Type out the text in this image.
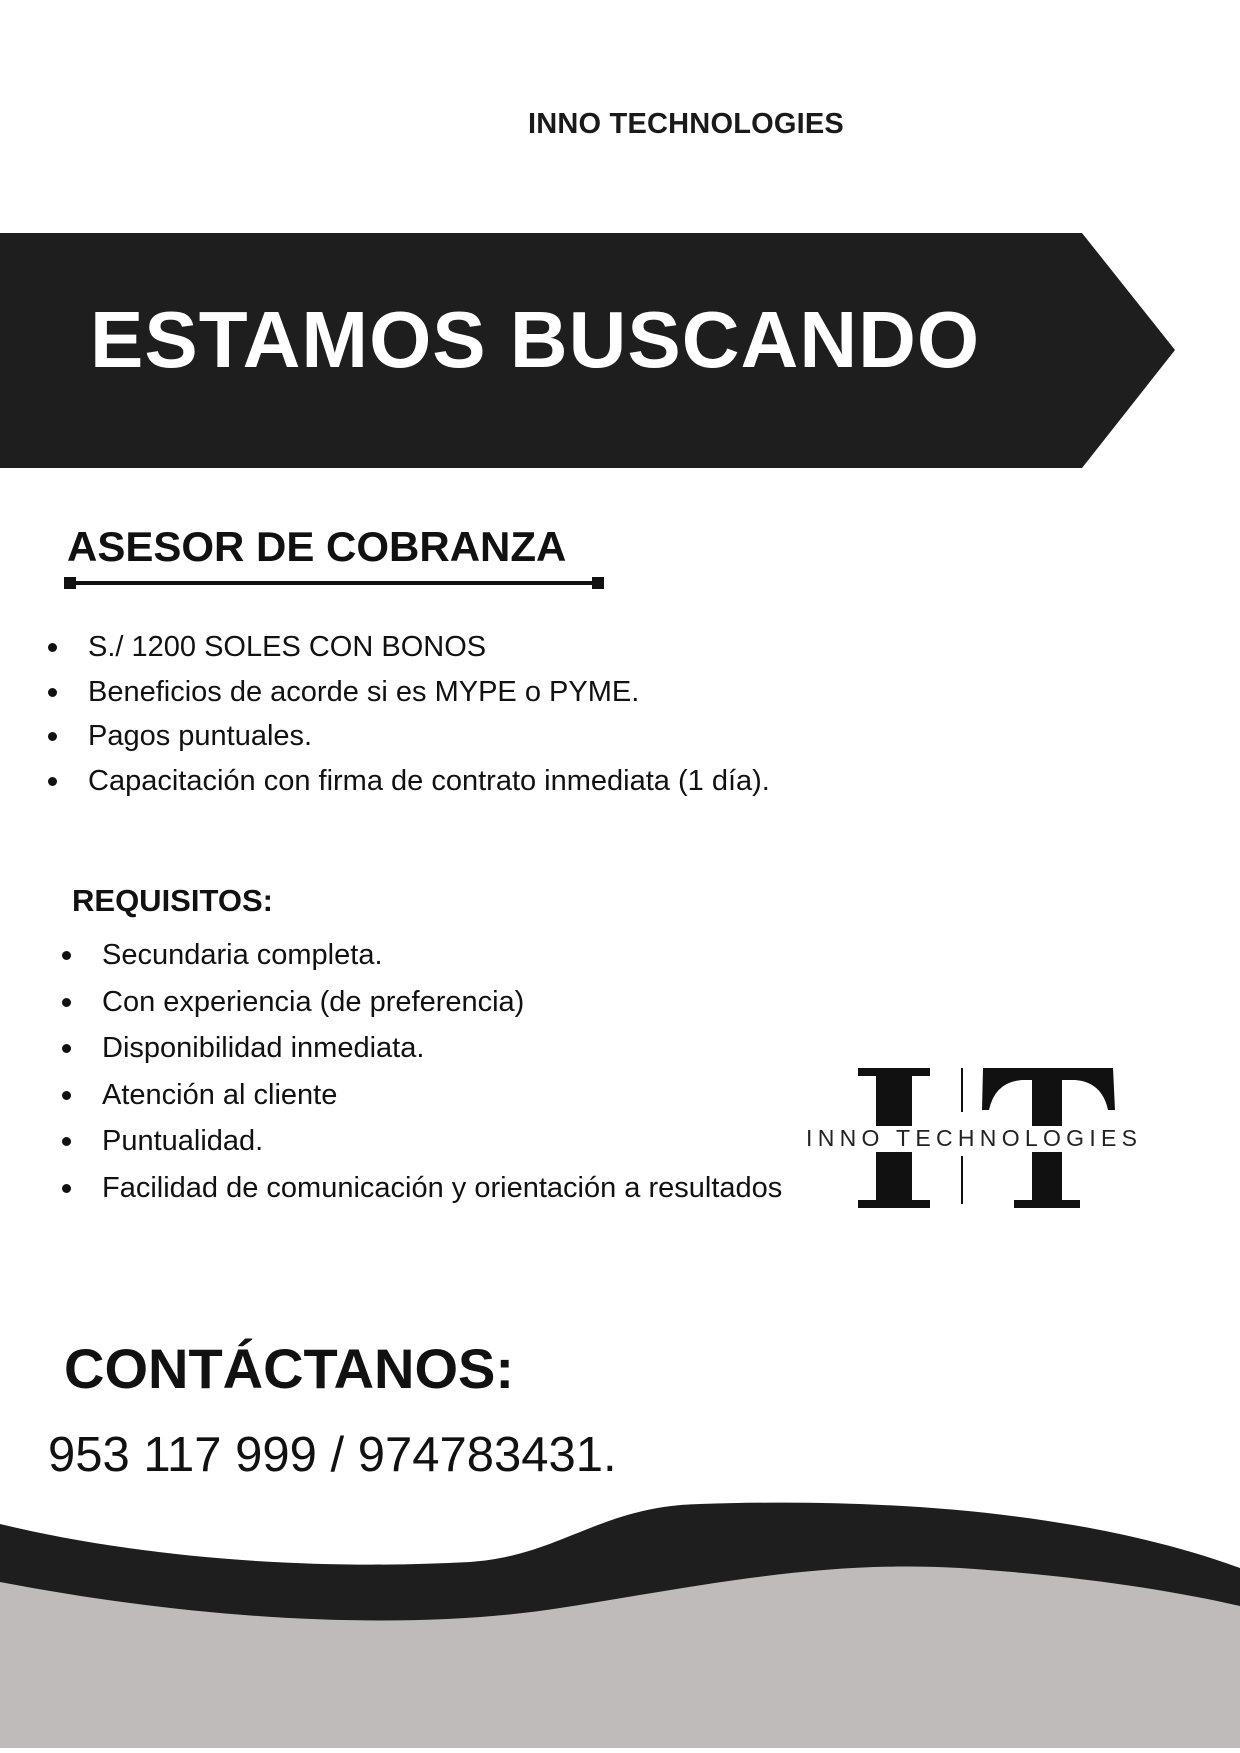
INNO TECHNOLOGIES
ESTAMOS BUSCANDO
ASESOR DE COBRANZA
S./ 1200 SOLES CON BONOS
Beneficios de acorde si es MYPE o PYME.
Pagos puntuales.
Capacitación con firma de contrato inmediata (1 día).
REQUISITOS:
Secundaria completa.
Con experiencia (de preferencia)
Disponibilidad inmediata.
Atención al cliente
Puntualidad.
Facilidad de comunicación y orientación a resultados
INNO TECHNOLOGIES
CONTÁCTANOS:
953 117 999 / 974783431.
